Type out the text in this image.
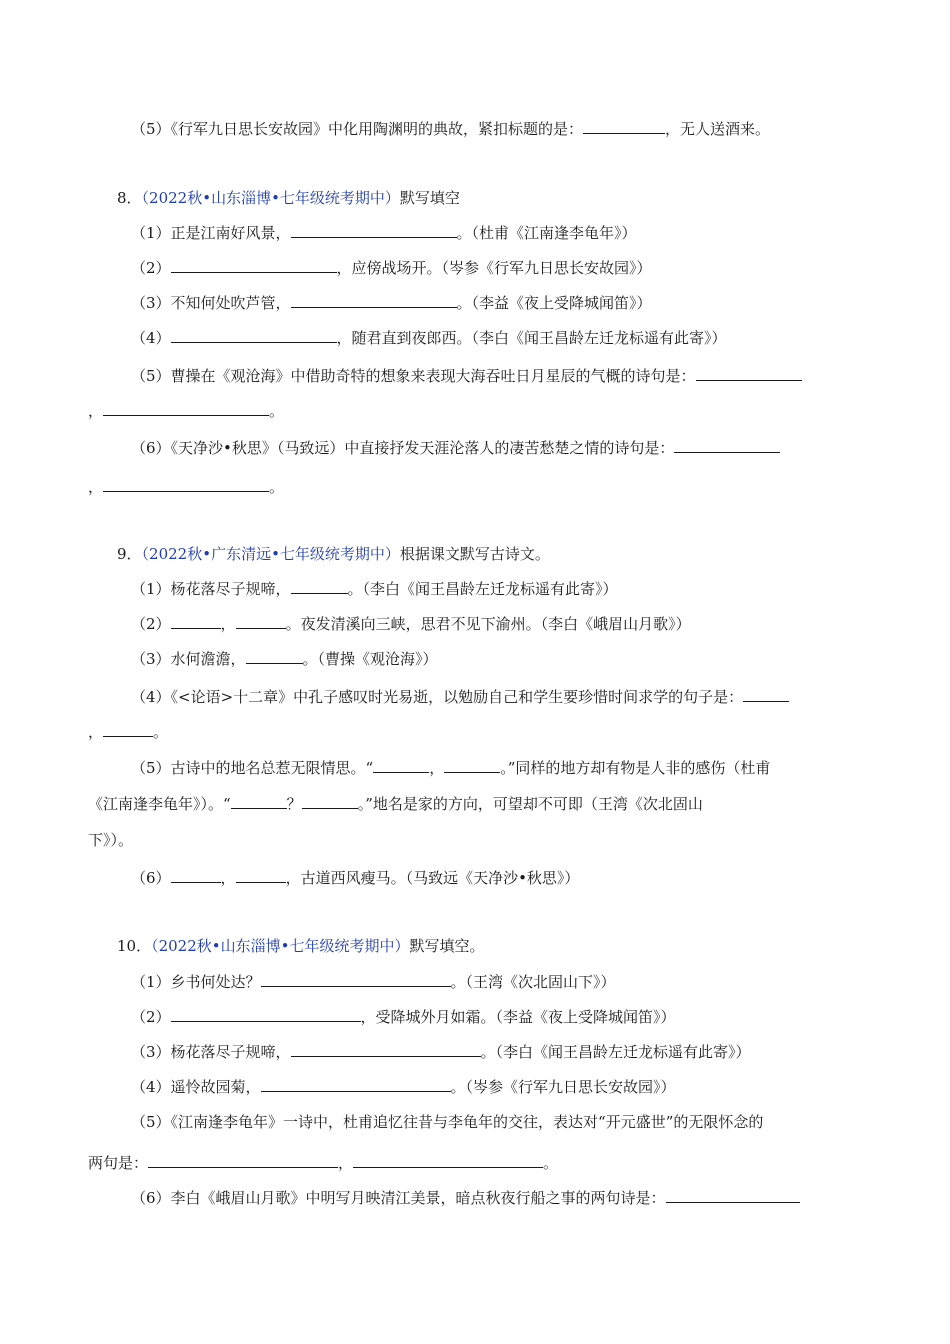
（5）《行军九日思长安故园》中化用陶渊明的典故，紧扣标题的是：	，无人送酒来。
8．（2022秋•山东淄博•七年级统考期中）默写填空
（1）正是江南好风景，	。（杜甫《江南逢李龟年》）
（2）	，应傍战场开。（岑参《行军九日思长安故园》）
（3）不知何处吹芦管，	。（李益《夜上受降城闻笛》）
（4）	，随君直到夜郎西。（李白《闻王昌龄左迁龙标遥有此寄》）
（5）曹操在《观沧海》中借助奇特的想象来表现大海吞吐日月星辰的气概的诗句是：
，	。
（6）《天净沙•秋思》（马致远）中直接抒发天涯沦落人的凄苦愁楚之情的诗句是：
，	。
9．（2022秋•广东清远•七年级统考期中）根据课文默写古诗文。
（1）杨花落尽子规啼，	。（李白《闻王昌龄左迁龙标遥有此寄》）
（2）	，	。夜发清溪向三峡，思君不见下渝州。（李白《峨眉山月歌》）
（3）水何澹澹，	。（曹操《观沧海》）
（4）《<论语>十二章》中孔子感叹时光易逝，以勉励自己和学生要珍惜时间求学的句子是：
，	。
（5）古诗中的地名总惹无限情思。“	，	。”同样的地方却有物是人非的感伤（杜甫
《江南逢李龟年》）。“	？	。”地名是家的方向，可望却不可即（王湾《次北固山
下》）。
（6）	，	，古道西风瘦马。（马致远《天净沙•秋思》）
10．（2022秋•山东淄博•七年级统考期中）默写填空。
（1）乡书何处达？	。（王湾《次北固山下》）
（2）	，受降城外月如霜。（李益《夜上受降城闻笛》）
（3）杨花落尽子规啼，	。（李白《闻王昌龄左迁龙标遥有此寄》）
（4）遥怜故园菊，	。（岑参《行军九日思长安故园》）
（5）《江南逢李龟年》一诗中，杜甫追忆往昔与李龟年的交往，表达对“开元盛世”的无限怀念的
两句是：	，	。
（6）李白《峨眉山月歌》中明写月映清江美景，暗点秋夜行船之事的两句诗是：
